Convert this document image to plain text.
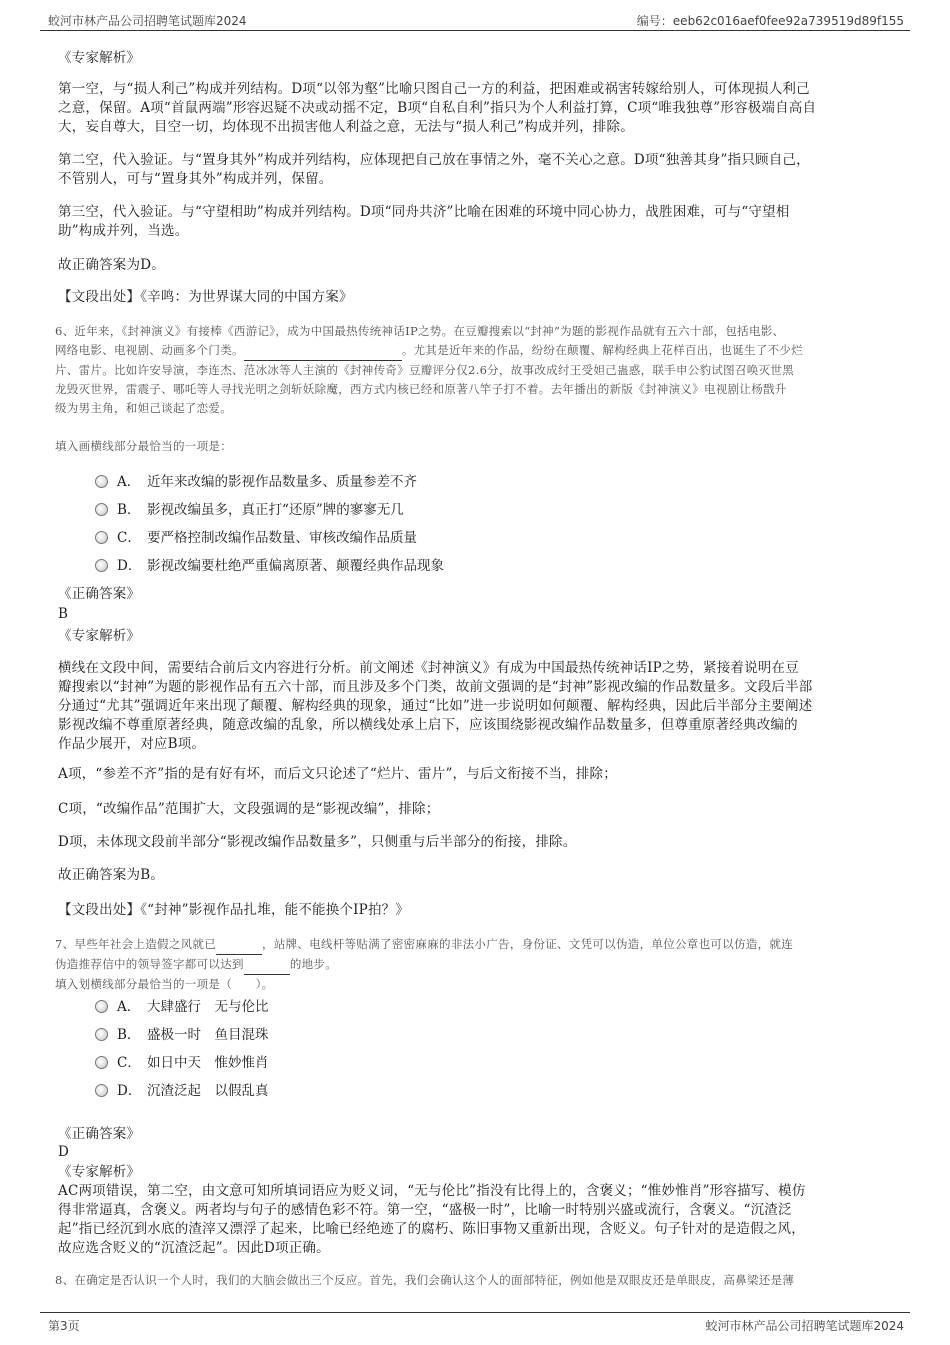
蛟河市林产品公司招聘笔试题库2024	编号：eeb62c016aef0fee92a739519d89f155
《专家解析》
第一空，与“损人利己”构成并列结构。D项“以邻为壑”比喻只图自己一方的利益，把困难或祸害转嫁给别人，可体现损人利己
之意，保留。A项“首鼠两端”形容迟疑不决或动摇不定，B项“自私自利”指只为个人利益打算，C项“唯我独尊”形容极端自高自
大，妄自尊大，目空一切，均体现不出损害他人利益之意，无法与“损人利己”构成并列，排除。
第二空，代入验证。与“置身其外”构成并列结构，应体现把自己放在事情之外，毫不关心之意。D项“独善其身”指只顾自己，
不管别人，可与“置身其外”构成并列，保留。
第三空，代入验证。与“守望相助”构成并列结构。D项“同舟共济”比喻在困难的环境中同心协力，战胜困难，可与“守望相
助”构成并列，当选。
故正确答案为D。
【文段出处】《辛鸣：为世界谋大同的中国方案》
6、近年来，《封神演义》有接棒《西游记》，成为中国最热传统神话IP之势。在豆瓣搜索以“封神”为题的影视作品就有五六十部，包括电影、
网络电影、电视剧、动画多个门类。	。尤其是近年来的作品，纷纷在颠覆、解构经典上花样百出，也诞生了不少烂
片、雷片。比如许安导演，李连杰、范冰冰等人主演的《封神传奇》豆瓣评分仅2.6分，故事改成纣王受妲己蛊惑，联手申公豹试图召唤灭世黑
龙毁灭世界，雷震子、哪吒等人寻找光明之剑斩妖除魔，西方式内核已经和原著八竿子打不着。去年播出的新版《封神演义》电视剧让杨戬升
级为男主角，和妲己谈起了恋爱。
填入画横线部分最恰当的一项是：
A． 近年来改编的影视作品数量多、质量参差不齐
B． 影视改编虽多，真正打“还原”牌的寥寥无几
C． 要严格控制改编作品数量、审核改编作品质量
D． 影视改编要杜绝严重偏离原著、颠覆经典作品现象
《正确答案》
B
《专家解析》
横线在文段中间，需要结合前后文内容进行分析。前文阐述《封神演义》有成为中国最热传统神话IP之势，紧接着说明在豆
瓣搜索以“封神”为题的影视作品有五六十部，而且涉及多个门类，故前文强调的是“封神”影视改编的作品数量多。文段后半部
分通过“尤其”强调近年来出现了颠覆、解构经典的现象，通过“比如”进一步说明如何颠覆、解构经典，因此后半部分主要阐述
影视改编不尊重原著经典，随意改编的乱象，所以横线处承上启下，应该围绕影视改编作品数量多，但尊重原著经典改编的
作品少展开，对应B项。
A项，“参差不齐”指的是有好有坏，而后文只论述了“烂片、雷片”，与后文衔接不当，排除；
C项，“改编作品”范围扩大，文段强调的是“影视改编”，排除；
D项，未体现文段前半部分“影视改编作品数量多”，只侧重与后半部分的衔接，排除。
故正确答案为B。
【文段出处】《“封神”影视作品扎堆，能不能换个IP拍？》
7、早些年社会上造假之风就已	，站牌、电线杆等贴满了密密麻麻的非法小广告，身份证、文凭可以伪造，单位公章也可以仿造，就连
伪造推荐信中的领导签字都可以达到	的地步。
填入划横线部分最恰当的一项是（　　）。
A． 大肆盛行　无与伦比
B． 盛极一时　鱼目混珠
C． 如日中天　惟妙惟肖
D． 沉渣泛起　以假乱真
《正确答案》
D
《专家解析》
AC两项错误，第二空，由文意可知所填词语应为贬义词，“无与伦比”指没有比得上的，含褒义；“惟妙惟肖”形容描写、模仿
得非常逼真，含褒义。两者均与句子的感情色彩不符。第一空，“盛极一时”，比喻一时特别兴盛或流行，含褒义。“沉渣泛
起”指已经沉到水底的渣滓又漂浮了起来，比喻已经绝迹了的腐朽、陈旧事物又重新出现，含贬义。句子针对的是造假之风，
故应选含贬义的“沉渣泛起”。因此D项正确。
8、在确定是否认识一个人时，我们的大脑会做出三个反应。首先，我们会确认这个人的面部特征，例如他是双眼皮还是单眼皮，高鼻梁还是薄
第3页	蛟河市林产品公司招聘笔试题库2024
